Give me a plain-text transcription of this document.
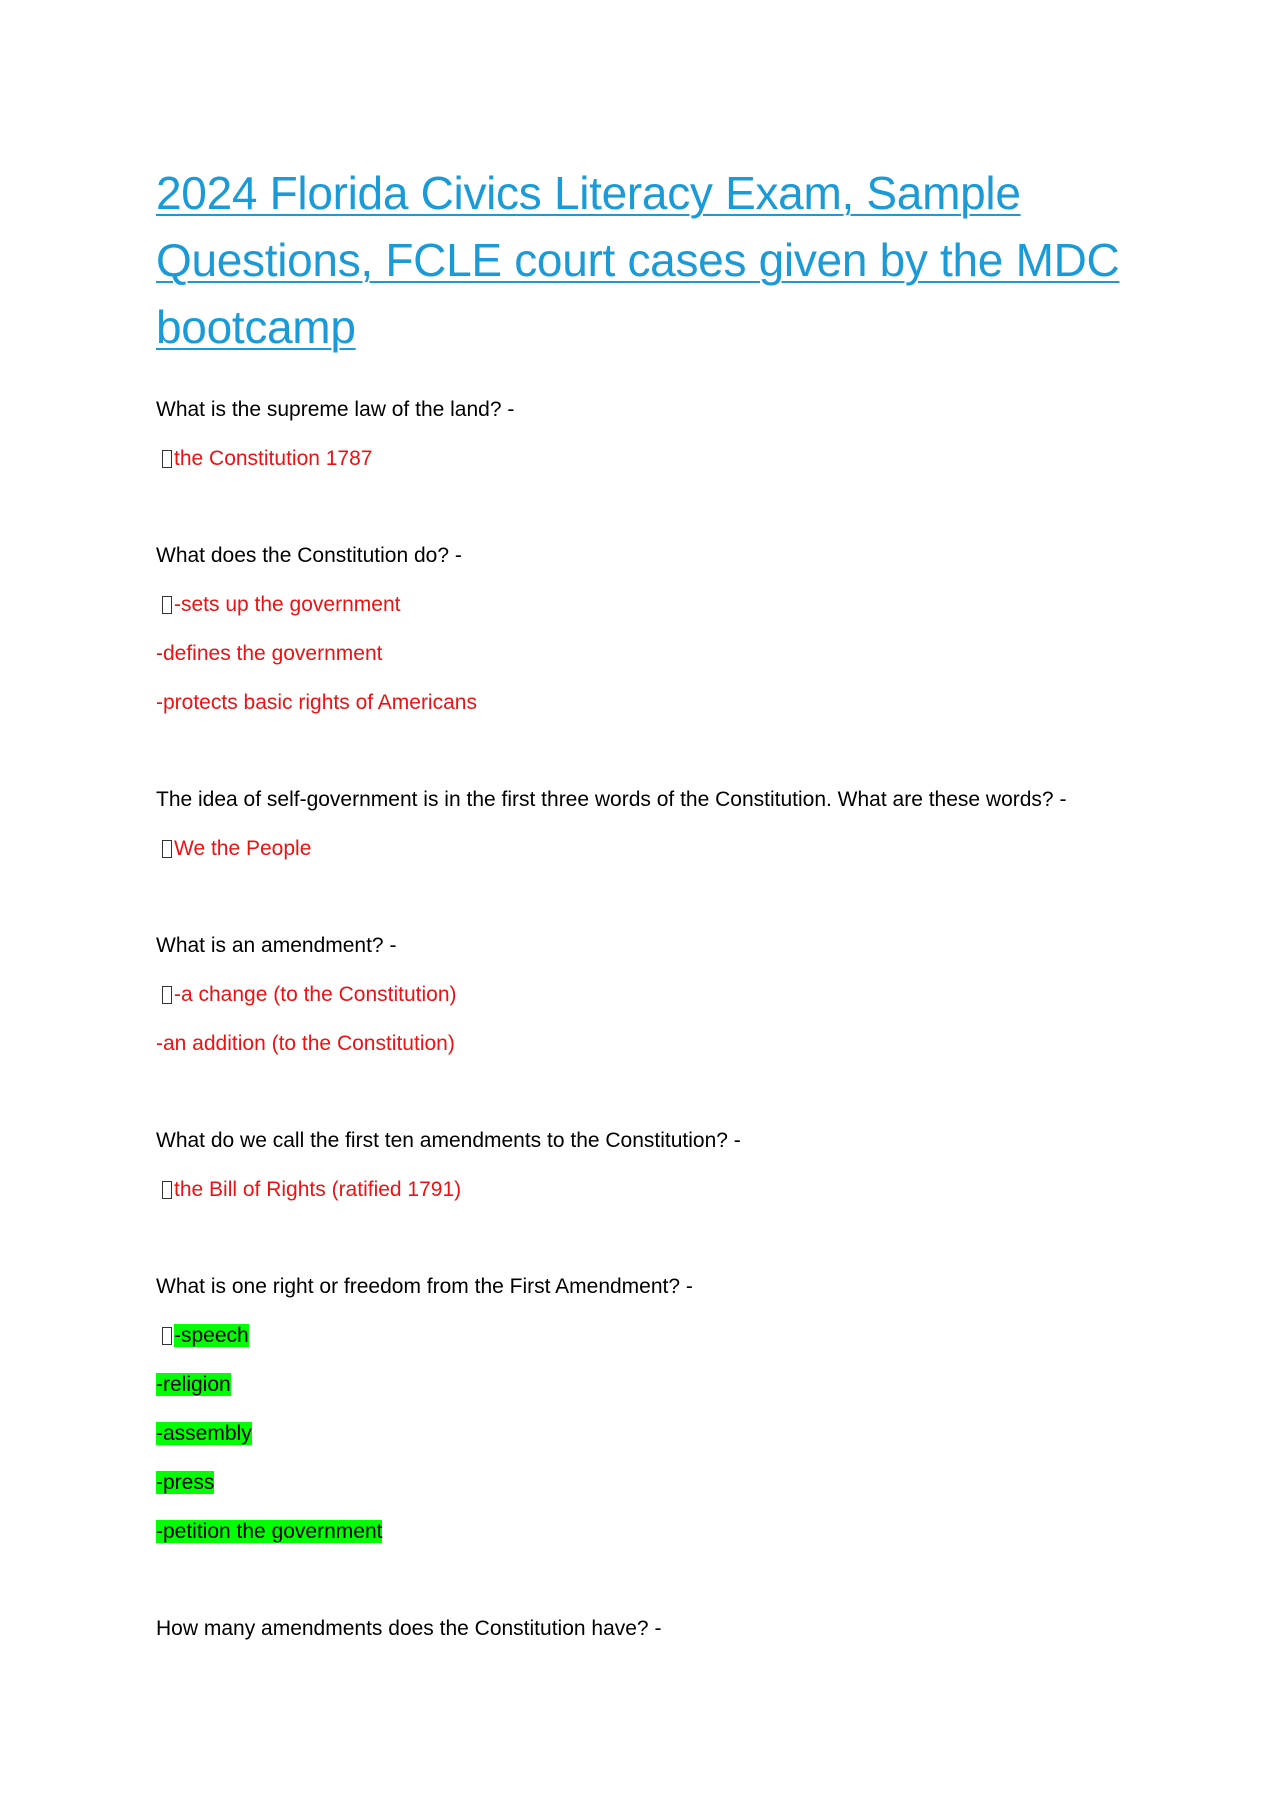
2024 Florida Civics Literacy Exam, Sample Questions, FCLE court cases given by the MDC bootcamp
What is the supreme law of the land? -
the Constitution 1787
What does the Constitution do? -
-sets up the government
-defines the government
-protects basic rights of Americans
The idea of self-government is in the first three words of the Constitution. What are these words? -
We the People
What is an amendment? -
-a change (to the Constitution)
-an addition (to the Constitution)
What do we call the first ten amendments to the Constitution? -
the Bill of Rights (ratified 1791)
What is one right or freedom from the First Amendment? -
-speech
-religion
-assembly
-press
-petition the government
How many amendments does the Constitution have? -
